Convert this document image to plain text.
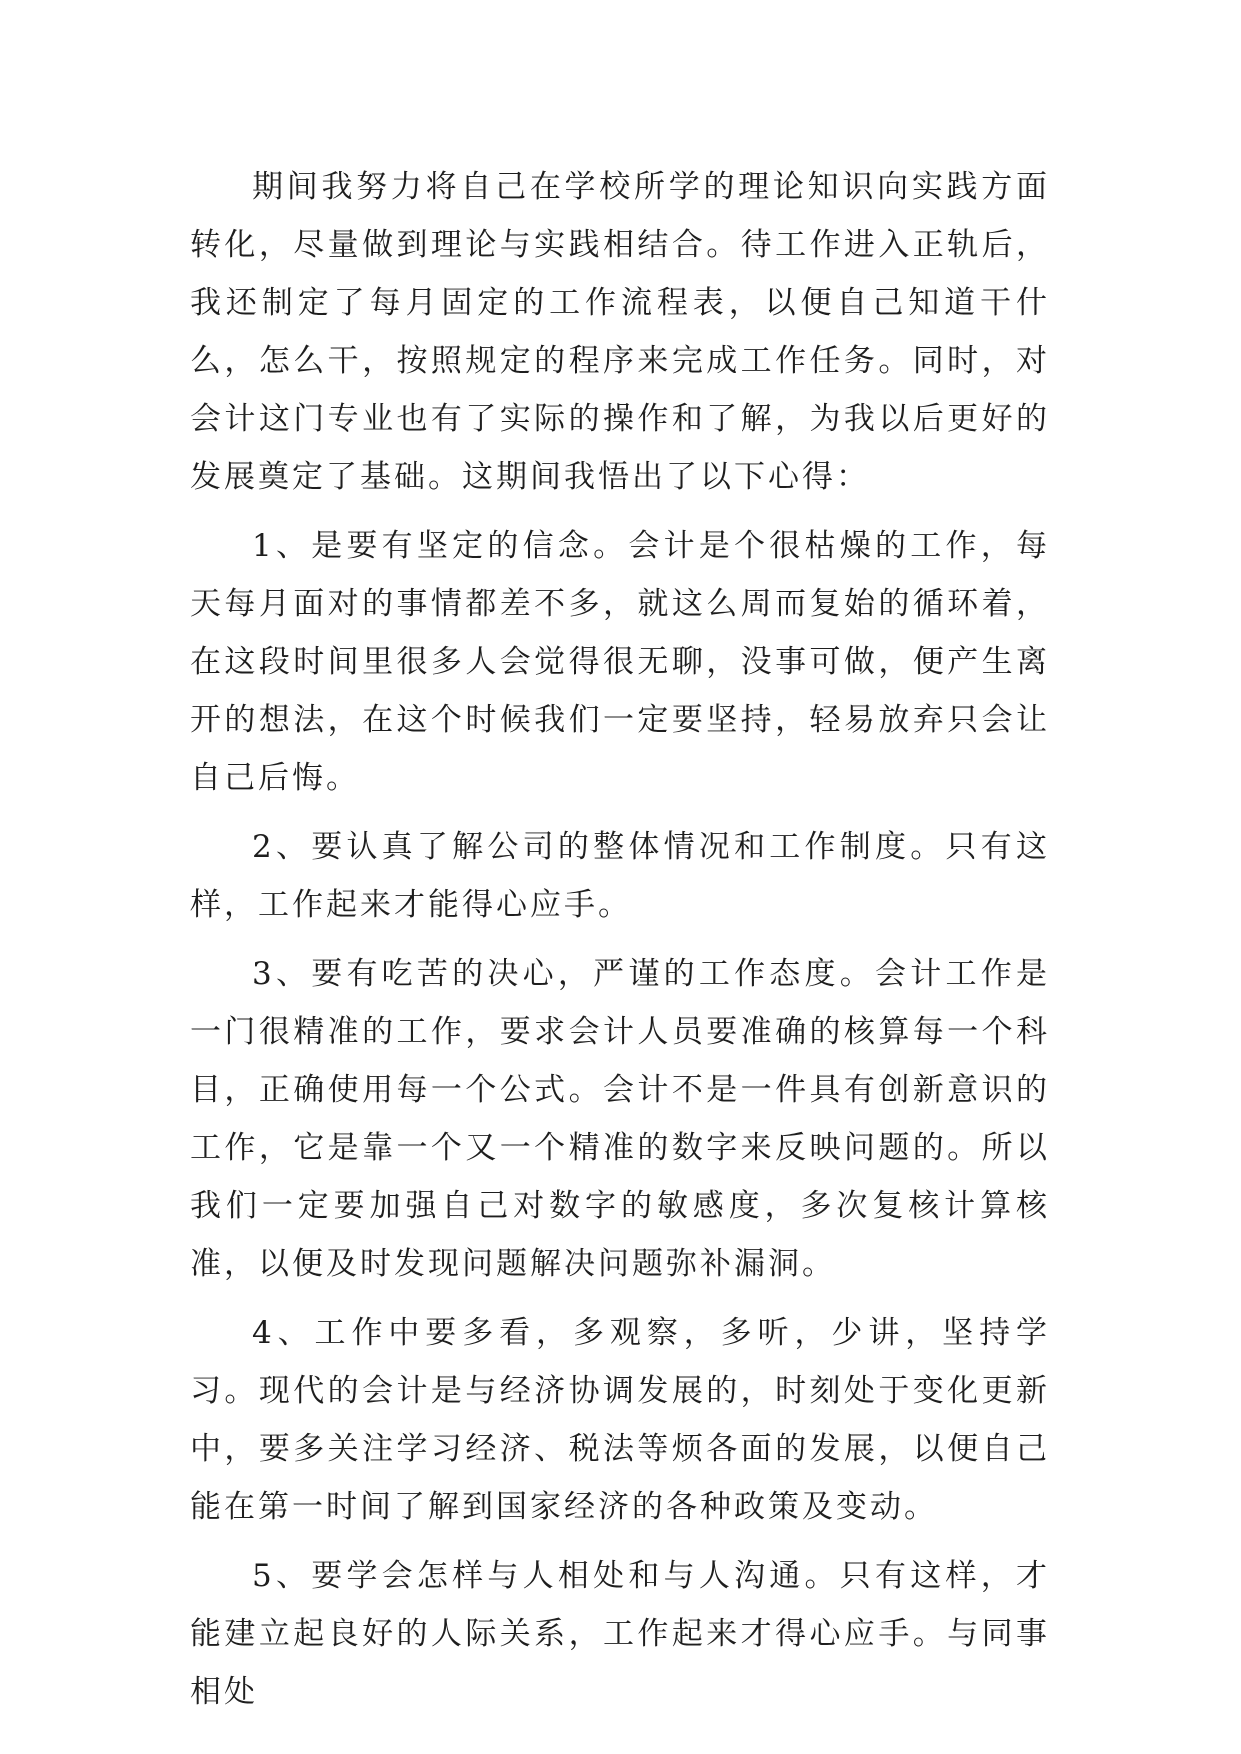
期间我努力将自己在学校所学的理论知识向实践方面转化，尽量做到理论与实践相结合。待工作进入正轨后，我还制定了每月固定的工作流程表，以便自己知道干什么，怎么干，按照规定的程序来完成工作任务。同时，对会计这门专业也有了实际的操作和了解，为我以后更好的发展奠定了基础。这期间我悟出了以下心得：

1、是要有坚定的信念。会计是个很枯燥的工作，每天每月面对的事情都差不多，就这么周而复始的循环着，在这段时间里很多人会觉得很无聊，没事可做，便产生离开的想法，在这个时候我们一定要坚持，轻易放弃只会让自己后悔。

2、要认真了解公司的整体情况和工作制度。只有这样，工作起来才能得心应手。

3、要有吃苦的决心，严谨的工作态度。会计工作是一门很精准的工作，要求会计人员要准确的核算每一个科目，正确使用每一个公式。会计不是一件具有创新意识的工作，它是靠一个又一个精准的数字来反映问题的。所以我们一定要加强自己对数字的敏感度，多次复核计算核准，以便及时发现问题解决问题弥补漏洞。

4、工作中要多看，多观察，多听，少讲，坚持学习。现代的会计是与经济协调发展的，时刻处于变化更新中，要多关注学习经济、税法等烦各面的发展，以便自己能在第一时间了解到国家经济的各种政策及变动。

5、要学会怎样与人相处和与人沟通。只有这样，才能建立起良好的人际关系，工作起来才得心应手。与同事相处
